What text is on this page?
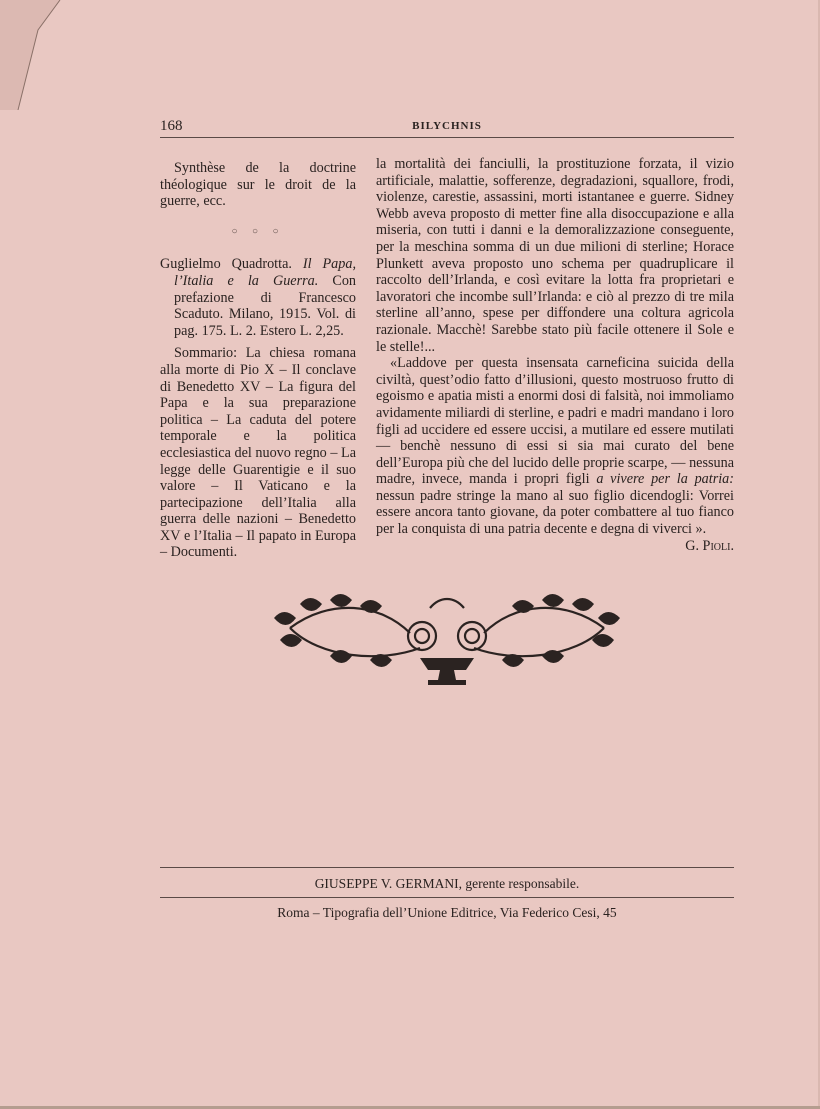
168	BILYCHNIS

Synthèse de la doctrine théologique sur le droit de la guerre, ecc.

○ ○ ○

Guglielmo Quadrotta. Il Papa, l’Italia e la Guerra. Con prefazione di Francesco Scaduto. Milano, 1915. Vol. di pag. 175. L. 2. Estero L. 2,25.

Sommario: La chiesa romana alla morte di Pio X – Il conclave di Benedetto XV – La figura del Papa e la sua preparazione politica – La caduta del potere temporale e la politica ecclesiastica del nuovo regno – La legge delle Guarentigie e il suo valore – Il Vaticano e la partecipazione dell’Italia alla guerra delle nazioni – Benedetto XV e l’Italia – Il papato in Europa – Documenti.

la mortalità dei fanciulli, la prostituzione forzata, il vizio artificiale, malattie, sofferenze, degradazioni, squallore, frodi, violenze, carestie, assassini, morti istantanee e guerre. Sidney Webb aveva proposto di metter fine alla disoccupazione e alla miseria, con tutti i danni e la demoralizzazione conseguente, per la meschina somma di un due milioni di sterline; Horace Plunkett aveva proposto uno schema per quadruplicare il raccolto dell’Irlanda, e così evitare la lotta fra proprietari e lavoratori che incombe sull’Irlanda: e ciò al prezzo di tre mila sterline all’anno, spese per diffondere una coltura agricola razionale. Macchè! Sarebbe stato più facile ottenere il Sole e le stelle!...

«Laddove per questa insensata carneficina suicida della civiltà, quest’odio fatto d’illusioni, questo mostruoso frutto di egoismo e apatia misti a enormi dosi di falsità, noi immoliamo avidamente miliardi di sterline, e padri e madri mandano i loro figli ad uccidere ed essere uccisi, a mutilare ed essere mutilati — benchè nessuno di essi si sia mai curato del bene dell’Europa più che del lucido delle proprie scarpe, — nessuna madre, invece, manda i propri figli a vivere per la patria: nessun padre stringe la mano al suo figlio dicendogli: Vorrei essere ancora tanto giovane, da poter combattere al tuo fianco per la conquista di una patria decente e degna di viverci ».

G. Pioli.
GIUSEPPE V. GERMANI, gerente responsabile.
Roma – Tipografia dell’Unione Editrice, Via Federico Cesi, 45
